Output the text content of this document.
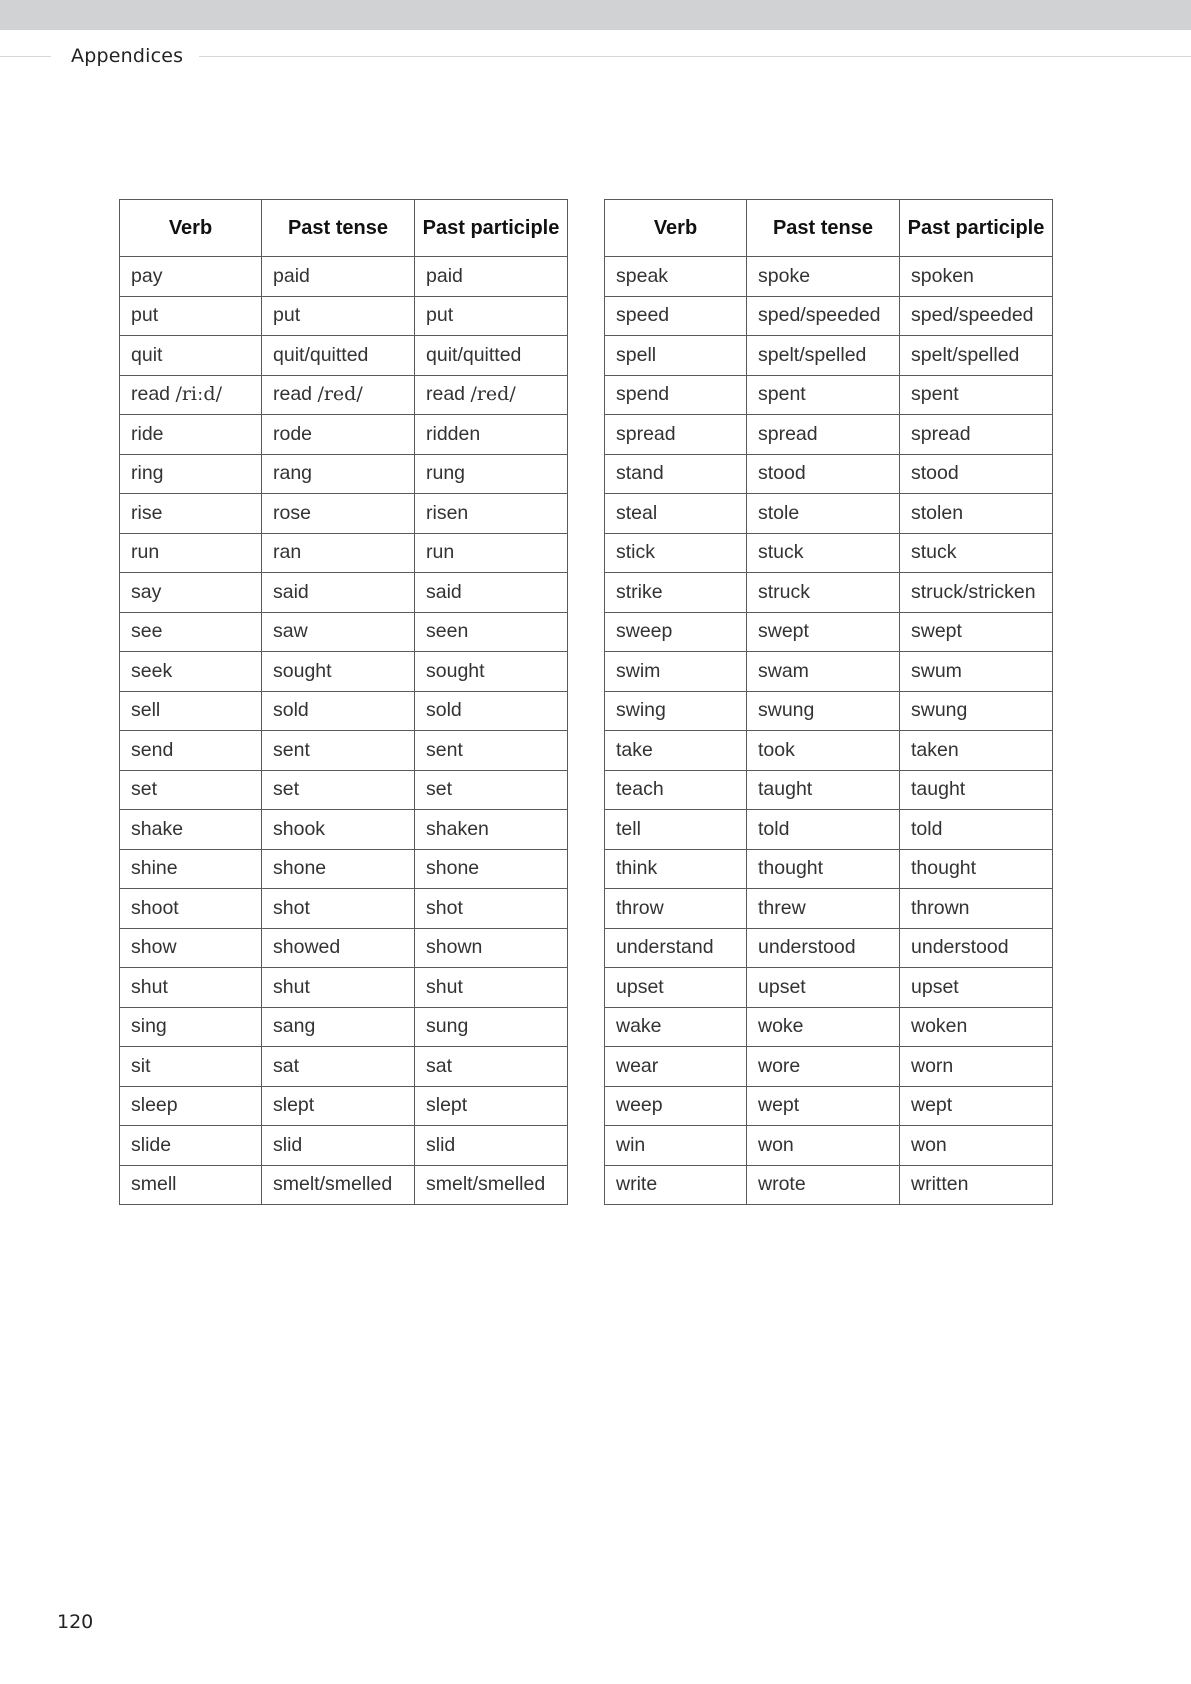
Appendices
Verb	Past tense	Past participle
pay	paid	paid
put	put	put
quit	quit/quitted	quit/quitted
read /riːd/	read /red/	read /red/
ride	rode	ridden
ring	rang	rung
rise	rose	risen
run	ran	run
say	said	said
see	saw	seen
seek	sought	sought
sell	sold	sold
send	sent	sent
set	set	set
shake	shook	shaken
shine	shone	shone
shoot	shot	shot
show	showed	shown
shut	shut	shut
sing	sang	sung
sit	sat	sat
sleep	slept	slept
slide	slid	slid
smell	smelt/smelled	smelt/smelled
Verb	Past tense	Past participle
speak	spoke	spoken
speed	sped/speeded	sped/speeded
spell	spelt/spelled	spelt/spelled
spend	spent	spent
spread	spread	spread
stand	stood	stood
steal	stole	stolen
stick	stuck	stuck
strike	struck	struck/stricken
sweep	swept	swept
swim	swam	swum
swing	swung	swung
take	took	taken
teach	taught	taught
tell	told	told
think	thought	thought
throw	threw	thrown
understand	understood	understood
upset	upset	upset
wake	woke	woken
wear	wore	worn
weep	wept	wept
win	won	won
write	wrote	written
120
